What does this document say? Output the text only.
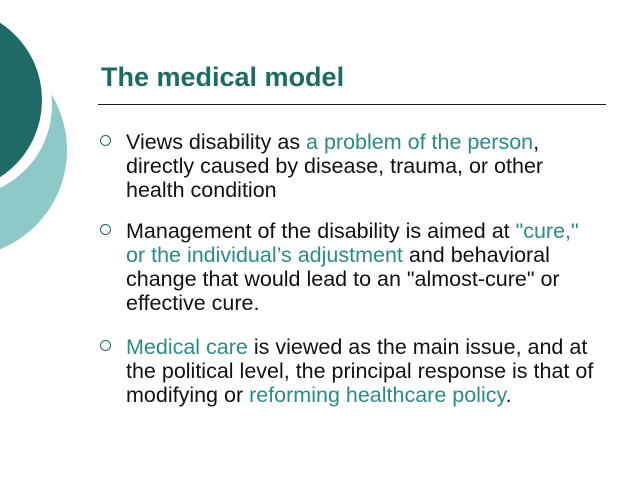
The medical model
Views disability as a problem of the person, directly caused by disease, trauma, or other health condition
Management of the disability is aimed at "cure," or the individual’s adjustment and behavioral change that would lead to an "almost-cure" or effective cure.
Medical care is viewed as the main issue, and at the political level, the principal response is that of modifying or reforming healthcare policy.
